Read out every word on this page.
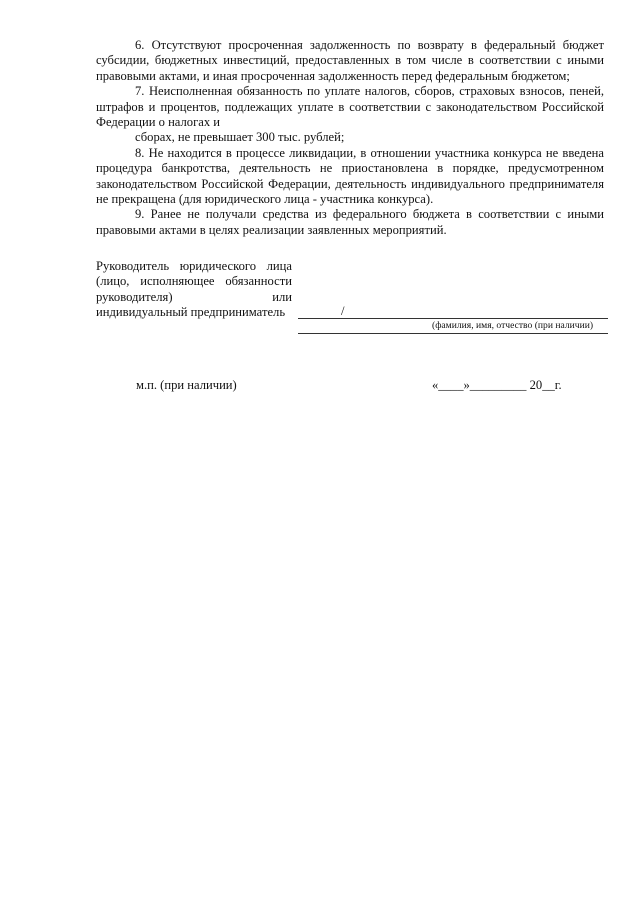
6. Отсутствуют просроченная задолженность по возврату в федеральный бюджет субсидии, бюджетных инвестиций, предоставленных в том числе в соответствии с иными правовыми актами, и иная просроченная задолженность перед федеральным бюджетом;

7. Неисполненная обязанность по уплате налогов, сборов, страховых взносов, пеней, штрафов и процентов, подлежащих уплате в соответствии с законодательством Российской Федерации о налогах и

сборах, не превышает 300 тыс. рублей;

8. Не находится в процессе ликвидации, в отношении участника конкурса не введена процедура банкротства, деятельность не приостановлена в порядке, предусмотренном законодательством Российской Федерации, деятельность индивидуального предпринимателя не прекращена (для юридического лица - участника конкурса).

9. Ранее не получали средства из федерального бюджета в соответствии с иными правовыми актами в целях реализации заявленных мероприятий.

Руководитель юридического лица
(лицо, исполняющее обязанности
руководителя) или
индивидуальный предприниматель	/
(фамилия, имя, отчество (при наличии)
м.п. (при наличии)	«____»_________ 20__г.
